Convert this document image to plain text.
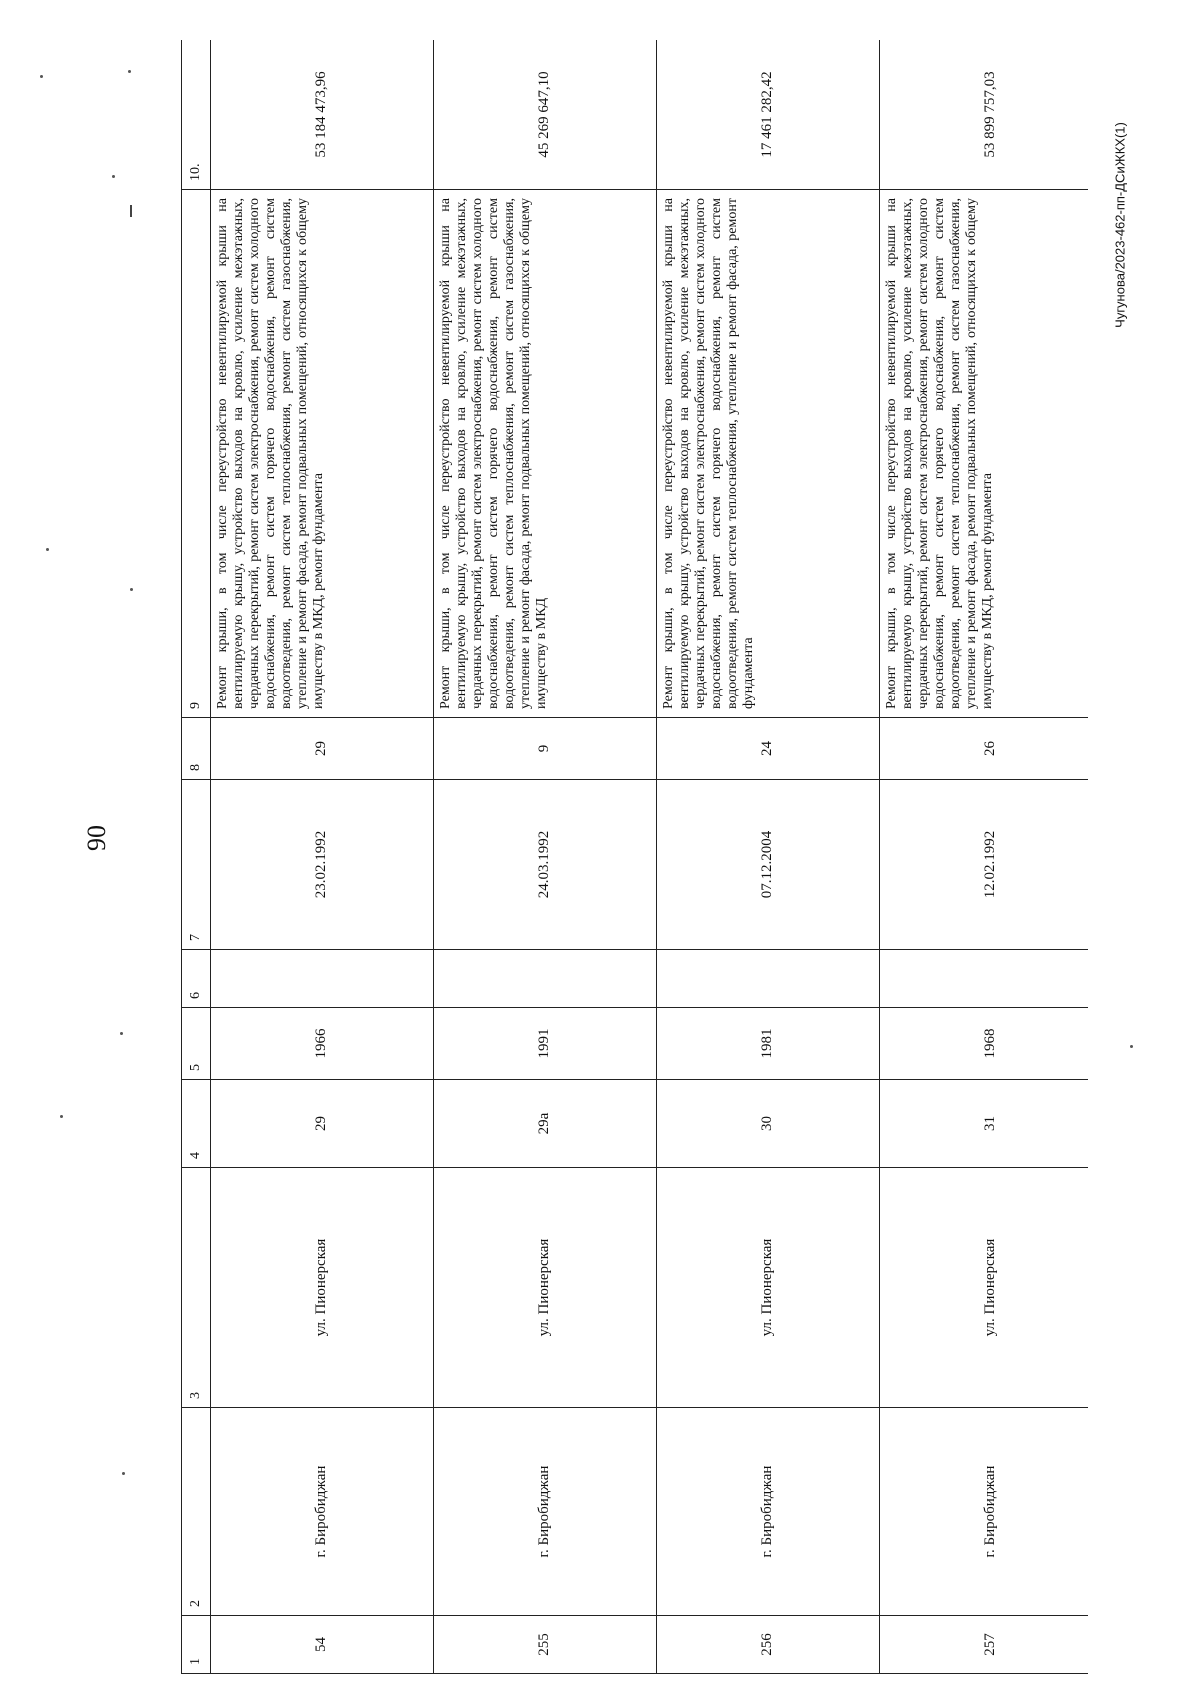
90
Чугунова/2023-462-пп-ДСиЖКХ(1)
1	2	3	4	5	6	7	8	9	10.
54	г. Биробиджан	ул. Пионерская	29	1966		23.02.1992	29	Ремонт крыши, в том числе переустройство невентилируемой крыши на вентилируемую крышу, устройство выходов на кровлю, усиление межэтажных, чердачных перекрытий, ремонт систем электроснабжения, ремонт систем холодного водоснабжения, ремонт систем горячего водоснабжения, ремонт систем водоотведения, ремонт систем теплоснабжения, ремонт систем газоснабжения, утепление и ремонт фасада, ремонт подвальных помещений, относящихся к общему имуществу в МКД, ремонт фундамента	53 184 473,96
255	г. Биробиджан	ул. Пионерская	29а	1991		24.03.1992	9	Ремонт крыши, в том числе переустройство невентилируемой крыши на вентилируемую крышу, устройство выходов на кровлю, усиление межэтажных, чердачных перекрытий, ремонт систем электроснабжения, ремонт систем холодного водоснабжения, ремонт систем горячего водоснабжения, ремонт систем водоотведения, ремонт систем теплоснабжения, ремонт систем газоснабжения, утепление и ремонт фасада, ремонт подвальных помещений, относящихся к общему имуществу в МКД	45 269 647,10
256	г. Биробиджан	ул. Пионерская	30	1981		07.12.2004	24	Ремонт крыши, в том числе переустройство невентилируемой крыши на вентилируемую крышу, устройство выходов на кровлю, усиление межэтажных, чердачных перекрытий, ремонт систем электроснабжения, ремонт систем холодного водоснабжения, ремонт систем горячего водоснабжения, ремонт систем водоотведения, ремонт систем теплоснабжения, утепление и ремонт фасада, ремонт фундамента	17 461 282,42
257	г. Биробиджан	ул. Пионерская	31	1968		12.02.1992	26	Ремонт крыши, в том числе переустройство невентилируемой крыши на вентилируемую крышу, устройство выходов на кровлю, усиление межэтажных, чердачных перекрытий, ремонт систем электроснабжения, ремонт систем холодного водоснабжения, ремонт систем горячего водоснабжения, ремонт систем водоотведения, ремонт систем теплоснабжения, ремонт систем газоснабжения, утепление и ремонт фасада, ремонт подвальных помещений, относящихся к общему имуществу в МКД, ремонт фундамента	53 899 757,03
